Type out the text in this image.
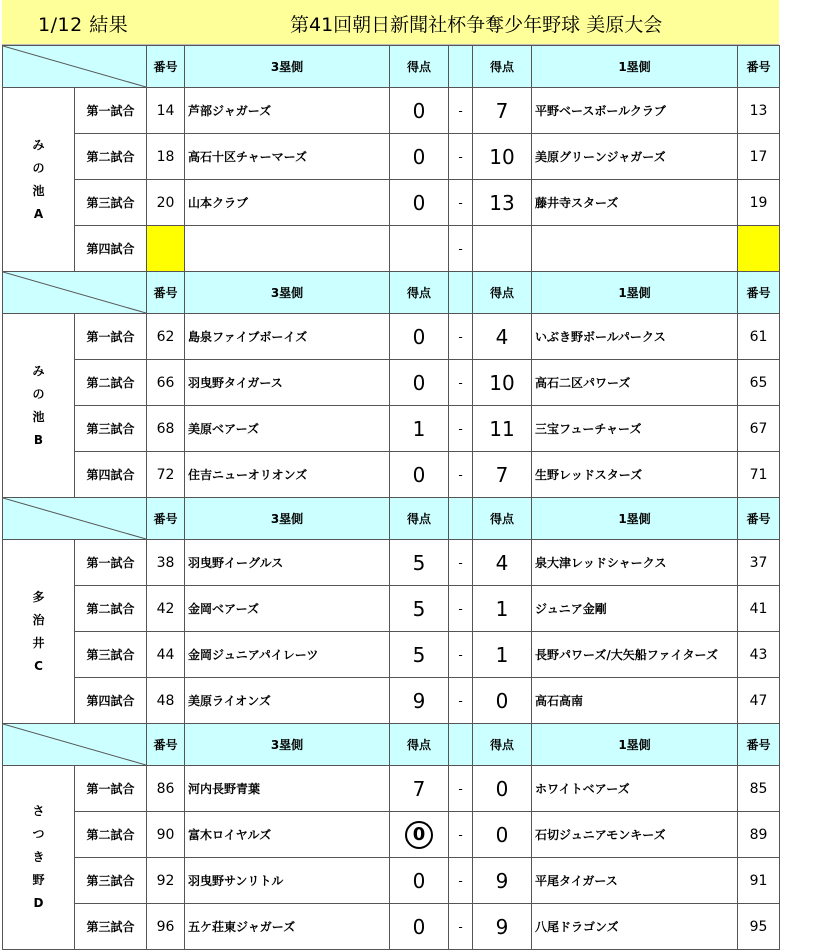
1/12 結果	第41回朝日新聞社杯争奪少年野球 美原大会
	番号	3塁側	得点		得点	1塁側	番号

み
の
池
A	第一試合	14	芦部ジャガーズ	0	-	7	平野ベースボールクラブ	13
	第二試合	18	高石十区チャーマーズ	0	-	10	美原グリーンジャガーズ	17
	第三試合	20	山本クラブ	0	-	13	藤井寺スターズ	19
	第四試合				-			

	番号	3塁側	得点		得点	1塁側	番号

み
の
池
B	第一試合	62	島泉ファイブボーイズ	0	-	4	いぶき野ボールパークス	61
	第二試合	66	羽曳野タイガース	0	-	10	高石二区パワーズ	65
	第三試合	68	美原ベアーズ	1	-	11	三宝フューチャーズ	67
	第四試合	72	住吉ニューオリオンズ	0	-	7	生野レッドスターズ	71

	番号	3塁側	得点		得点	1塁側	番号

多
治
井
C	第一試合	38	羽曳野イーグルス	5	-	4	泉大津レッドシャークス	37
	第二試合	42	金岡ベアーズ	5	-	1	ジュニア金剛	41
	第三試合	44	金岡ジュニアパイレーツ	5	-	1	長野パワーズ/大矢船ファイターズ	43
	第四試合	48	美原ライオンズ	9	-	0	高石高南	47

	番号	3塁側	得点		得点	1塁側	番号

さ
つ
き
野
D	第一試合	86	河内長野青葉	7	-	0	ホワイトベアーズ	85
	第二試合	90	富木ロイヤルズ	0	-	0	石切ジュニアモンキーズ	89
	第三試合	92	羽曳野サンリトル	0	-	9	平尾タイガース	91
	第三試合	96	五ケ荘東ジャガーズ	0	-	9	八尾ドラゴンズ	95
